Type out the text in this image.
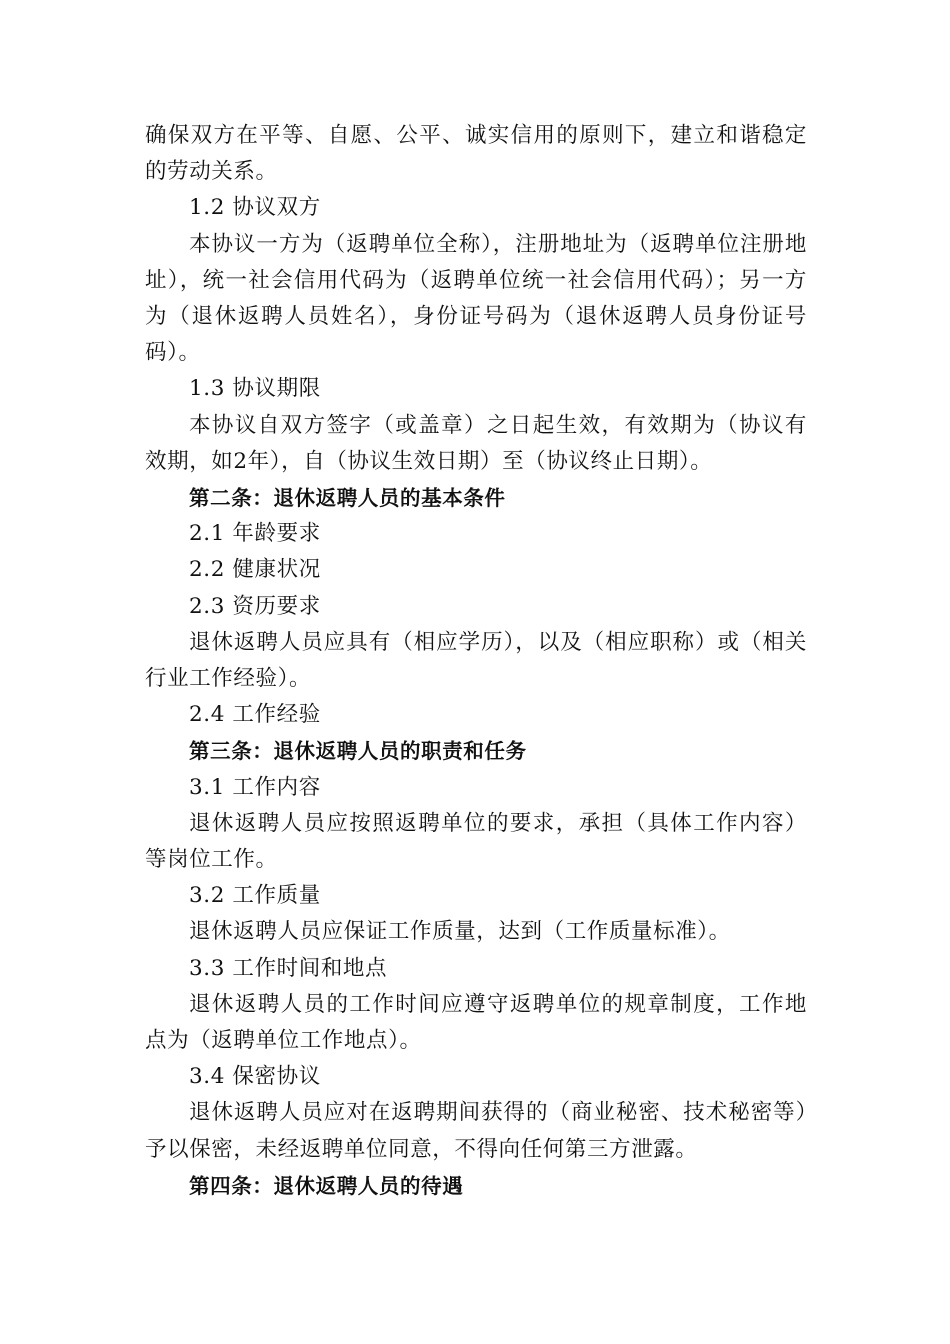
确保双方在平等、自愿、公平、诚实信用的原则下，建立和谐稳定的劳动关系。

1.2 协议双方

本协议一方为（返聘单位全称），注册地址为（返聘单位注册地址），统一社会信用代码为（返聘单位统一社会信用代码）；另一方为（退休返聘人员姓名），身份证号码为（退休返聘人员身份证号码）。

1.3 协议期限

本协议自双方签字（或盖章）之日起生效，有效期为（协议有效期，如2年），自（协议生效日期）至（协议终止日期）。

第二条：退休返聘人员的基本条件

2.1 年龄要求

2.2 健康状况

2.3 资历要求

退休返聘人员应具有（相应学历），以及（相应职称）或（相关行业工作经验）。

2.4 工作经验

第三条：退休返聘人员的职责和任务

3.1 工作内容

退休返聘人员应按照返聘单位的要求，承担（具体工作内容）等岗位工作。

3.2 工作质量

退休返聘人员应保证工作质量，达到（工作质量标准）。

3.3 工作时间和地点

退休返聘人员的工作时间应遵守返聘单位的规章制度，工作地点为（返聘单位工作地点）。

3.4 保密协议

退休返聘人员应对在返聘期间获得的（商业秘密、技术秘密等）予以保密，未经返聘单位同意，不得向任何第三方泄露。

第四条：退休返聘人员的待遇
